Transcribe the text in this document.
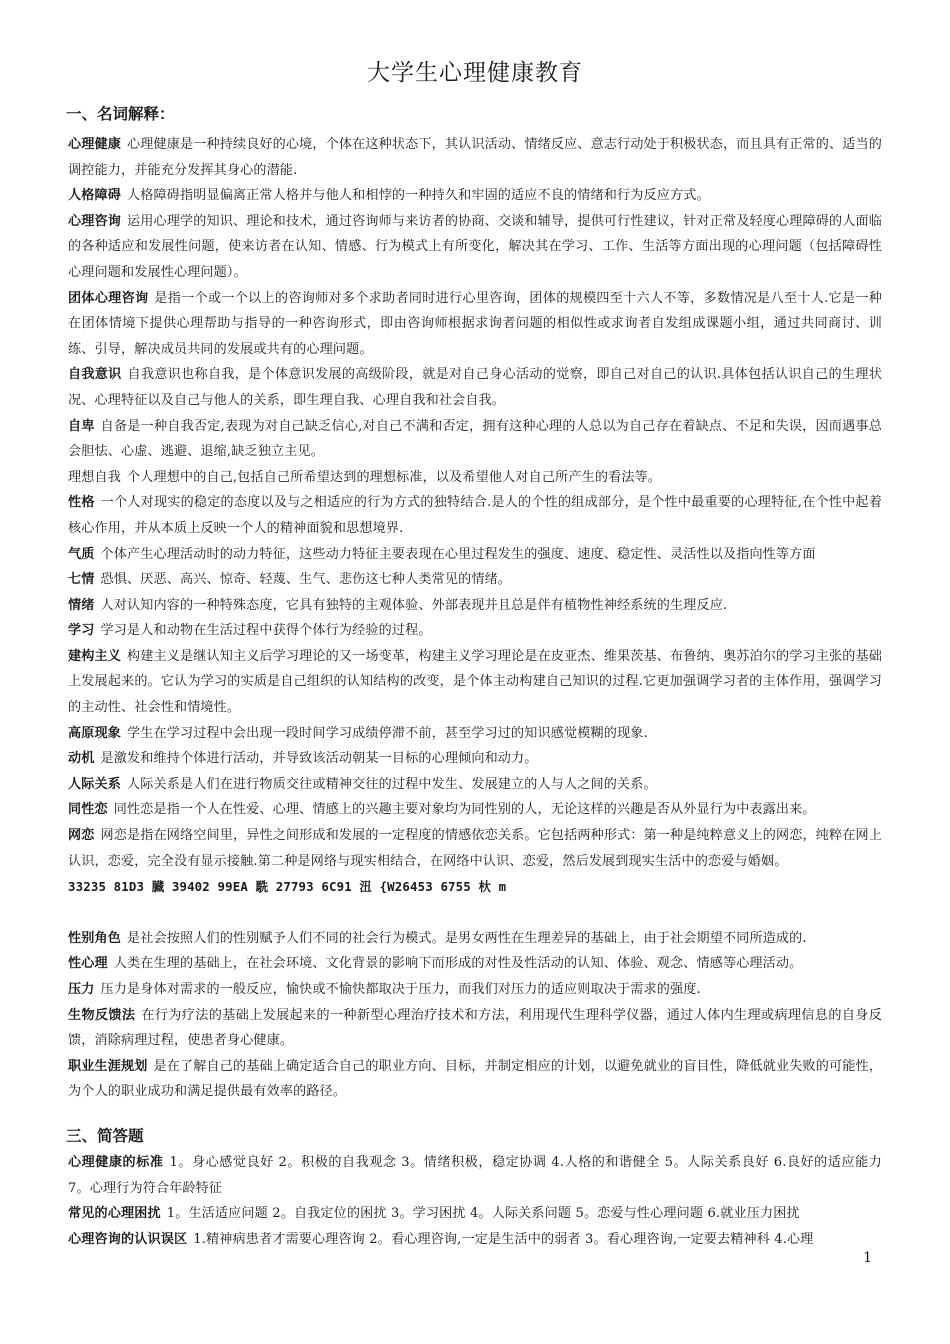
大学生心理健康教育
一、名词解释：

心理健康 心理健康是一种持续良好的心境，个体在这种状态下，其认识活动、情绪反应、意志行动处于积极状态，而且具有正常的、适当的调控能力，并能充分发挥其身心的潜能.

人格障碍 人格障碍指明显偏离正常人格并与他人和相悖的一种持久和牢固的适应不良的情绪和行为反应方式。

心理咨询 运用心理学的知识、理论和技术，通过咨询师与来访者的协商、交谈和辅导，提供可行性建议，针对正常及轻度心理障碍的人面临的各种适应和发展性问题，使来访者在认知、情感、行为模式上有所变化，解决其在学习、工作、生活等方面出现的心理问题（包括障碍性心理问题和发展性心理问题）。

团体心理咨询 是指一个或一个以上的咨询师对多个求助者同时进行心里咨询，团体的规模四至十六人不等，多数情况是八至十人.它是一种在团体情境下提供心理帮助与指导的一种咨询形式，即由咨询师根据求询者问题的相似性或求询者自发组成课题小组，通过共同商讨、训练、引导，解决成员共同的发展或共有的心理问题。

自我意识 自我意识也称自我，是个体意识发展的高级阶段，就是对自己身心活动的觉察，即自己对自己的认识.具体包括认识自己的生理状况、心理特征以及自己与他人的关系，即生理自我、心理自我和社会自我。

自卑 自备是一种自我否定,表现为对自己缺乏信心,对自己不满和否定，拥有这种心理的人总以为自己存在着缺点、不足和失误，因而遇事总会胆怯、心虚、逃避、退缩,缺乏独立主见。

理想自我 个人理想中的自己,包括自己所希望达到的理想标准，以及希望他人对自己所产生的看法等。

性格 一个人对现实的稳定的态度以及与之相适应的行为方式的独特结合.是人的个性的组成部分，是个性中最重要的心理特征,在个性中起着核心作用，并从本质上反映一个人的精神面貌和思想境界.

气质 个体产生心理活动时的动力特征，这些动力特征主要表现在心里过程发生的强度、速度、稳定性、灵活性以及指向性等方面

七情 恐惧、厌恶、高兴、惊奇、轻蔑、生气、悲伤这七种人类常见的情绪。

情绪 人对认知内容的一种特殊态度，它具有独特的主观体验、外部表现并且总是伴有植物性神经系统的生理反应.

学习 学习是人和动物在生活过程中获得个体行为经验的过程。

建构主义 构建主义是继认知主义后学习理论的又一场变革，构建主义学习理论是在皮亚杰、维果茨基、布鲁纳、奥苏泊尔的学习主张的基础上发展起来的。它认为学习的实质是自己组织的认知结构的改变，是个体主动构建自己知识的过程.它更加强调学习者的主体作用，强调学习的主动性、社会性和情境性。

高原现象 学生在学习过程中会出现一段时间学习成绩停滞不前，甚至学习过的知识感觉模糊的现象.

动机 是激发和维持个体进行活动，并导致该活动朝某一目标的心理倾向和动力。

人际关系 人际关系是人们在进行物质交往或精神交往的过程中发生、发展建立的人与人之间的关系。

同性恋 同性恋是指一个人在性爱、心理、情感上的兴趣主要对象均为同性别的人，无论这样的兴趣是否从外显行为中表露出来。

网恋 网恋是指在网络空间里，异性之间形成和发展的一定程度的情感依恋关系。它包括两种形式：第一种是纯粹意义上的网恋，纯粹在网上认识，恋爱，完全没有显示接触.第二种是网络与现实相结合，在网络中认识、恋爱，然后发展到现实生活中的恋爱与婚姻。

33235 81D3 臓 39402 99EA 駪 27793 6C91 沑 {W26453 6755 杕 m

性别角色 是社会按照人们的性别赋予人们不同的社会行为模式。是男女两性在生理差异的基础上，由于社会期望不同所造成的.

性心理 人类在生理的基础上，在社会环境、文化背景的影响下而形成的对性及性活动的认知、体验、观念、情感等心理活动。

压力 压力是身体对需求的一般反应，愉快或不愉快都取决于压力，而我们对压力的适应则取决于需求的强度.

生物反馈法 在行为疗法的基础上发展起来的一种新型心理治疗技术和方法，利用现代生理科学仪器，通过人体内生理或病理信息的自身反馈，消除病理过程，使患者身心健康。

职业生涯规划 是在了解自己的基础上确定适合自己的职业方向、目标，并制定相应的计划，以避免就业的盲目性，降低就业失败的可能性，为个人的职业成功和满足提供最有效率的路径。

三、简答题

心理健康的标准 1。身心感觉良好 2。积极的自我观念 3。情绪积极，稳定协调 4.人格的和谐健全 5。人际关系良好 6.良好的适应能力 7。心理行为符合年龄特征

常见的心理困扰 1。生活适应问题 2。自我定位的困扰 3。学习困扰 4。人际关系问题 5。恋爱与性心理问题 6.就业压力困扰

心理咨询的认识误区 1.精神病患者才需要心理咨询 2。看心理咨询,一定是生活中的弱者 3。看心理咨询,一定要去精神科 4.心理

1
